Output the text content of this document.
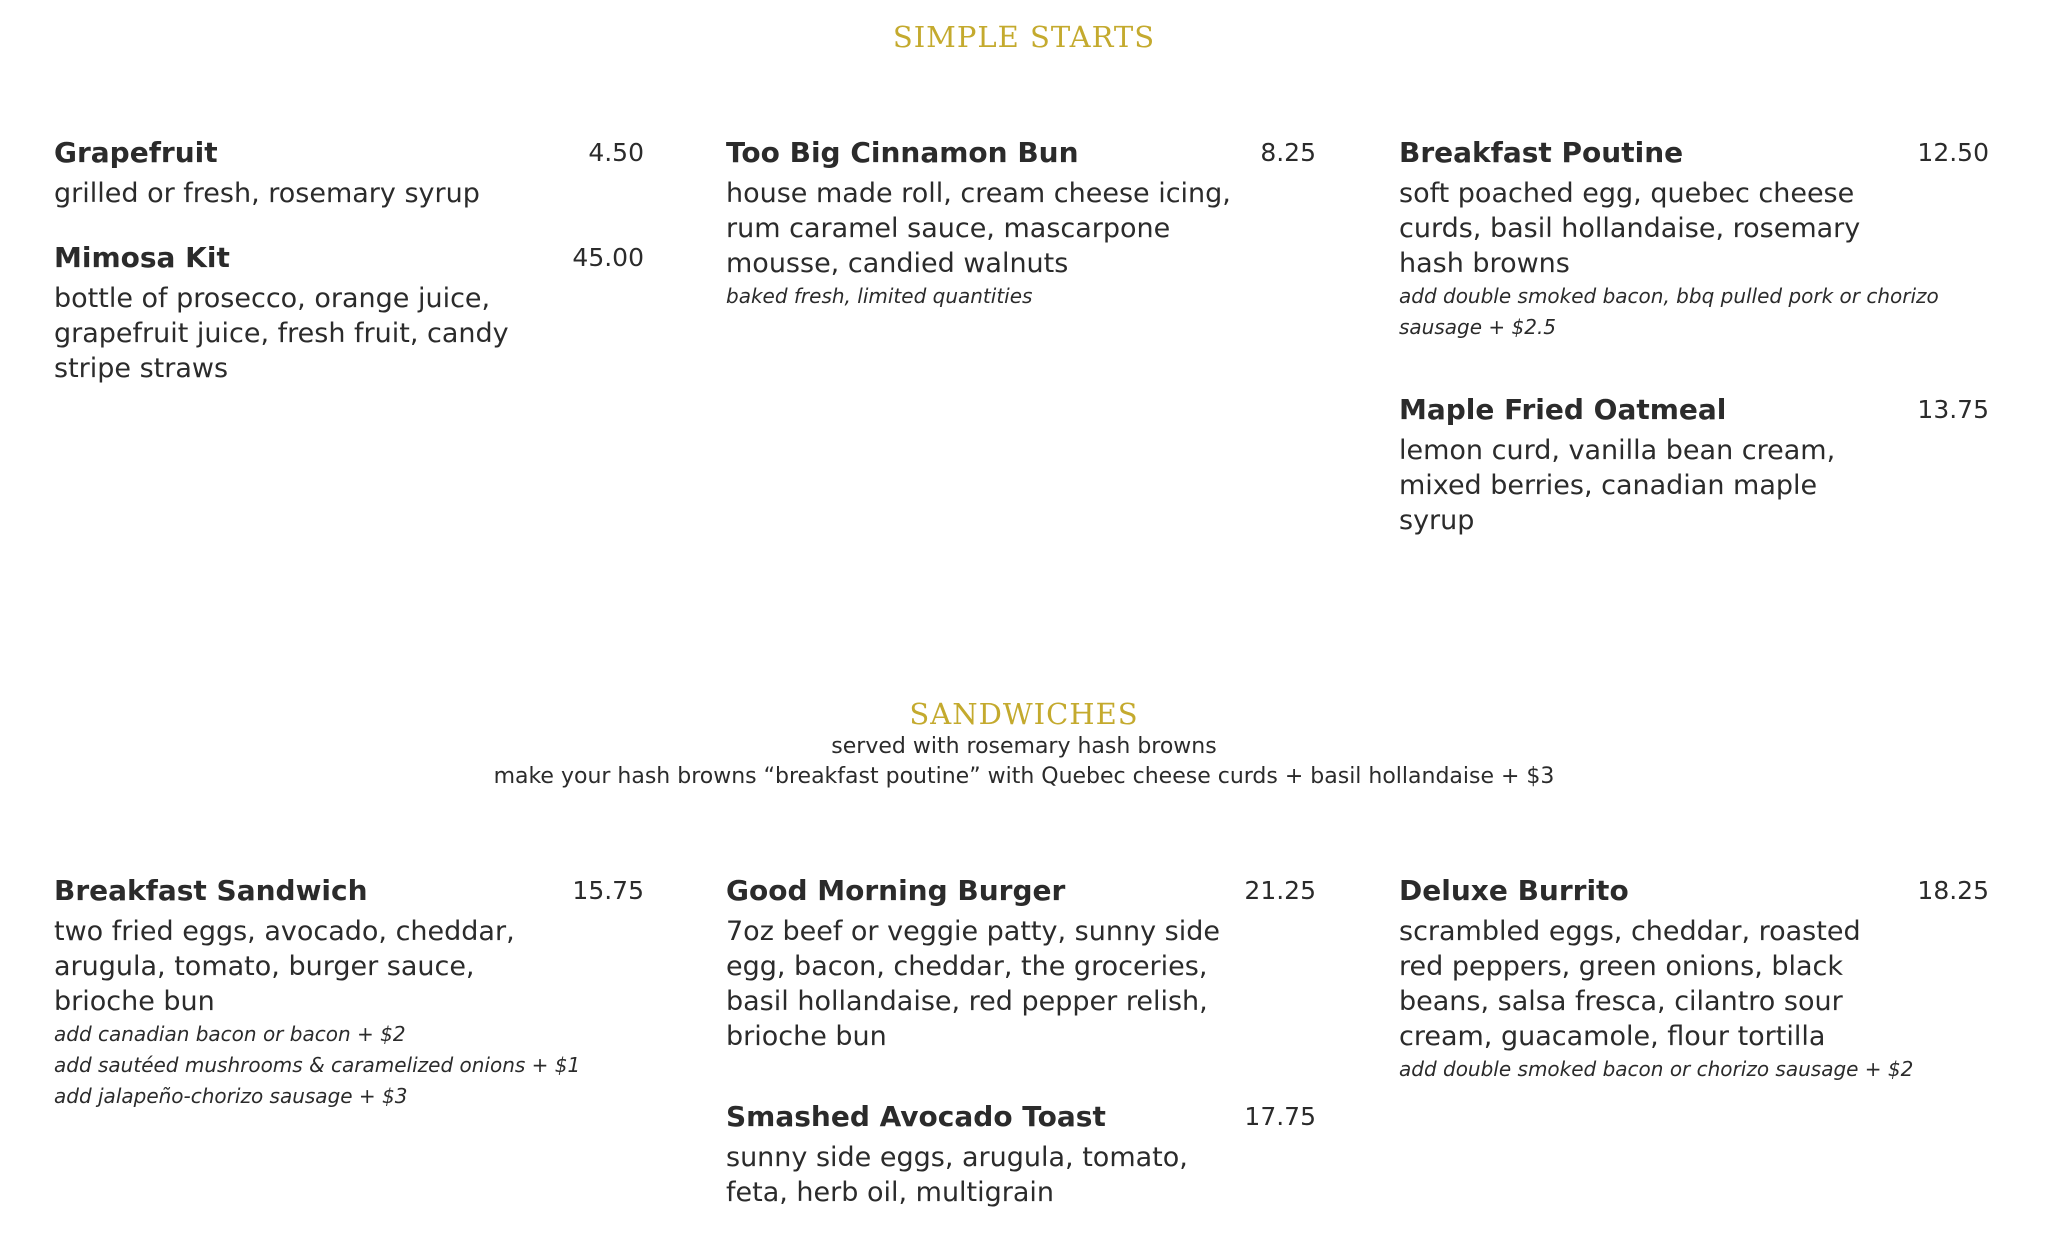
SIMPLE STARTS
Grapefruit	4.50
grilled or fresh, rosemary syrup
Mimosa Kit	45.00
bottle of prosecco, orange juice, grapefruit juice, fresh fruit, candy stripe straws
Too Big Cinnamon Bun	8.25
house made roll, cream cheese icing, rum caramel sauce, mascarpone mousse, candied walnuts
baked fresh, limited quantities
Breakfast Poutine	12.50
soft poached egg, quebec cheese curds, basil hollandaise, rosemary hash browns
add double smoked bacon, bbq pulled pork or chorizo sausage + $2.5
Maple Fried Oatmeal	13.75
lemon curd, vanilla bean cream, mixed berries, canadian maple syrup
SANDWICHES
served with rosemary hash browns
make your hash browns “breakfast poutine” with Quebec cheese curds + basil hollandaise + $3
Breakfast Sandwich	15.75
two fried eggs, avocado, cheddar, arugula, tomato, burger sauce, brioche bun
add canadian bacon or bacon + $2
add sautéed mushrooms & caramelized onions + $1
add jalapeño-chorizo sausage + $3
Good Morning Burger	21.25
7oz beef or veggie patty, sunny side egg, bacon, cheddar, the groceries, basil hollandaise, red pepper relish, brioche bun
Smashed Avocado Toast	17.75
sunny side eggs, arugula, tomato, feta, herb oil, multigrain
Deluxe Burrito	18.25
scrambled eggs, cheddar, roasted red peppers, green onions, black beans, salsa fresca, cilantro sour cream, guacamole, flour tortilla
add double smoked bacon or chorizo sausage + $2
